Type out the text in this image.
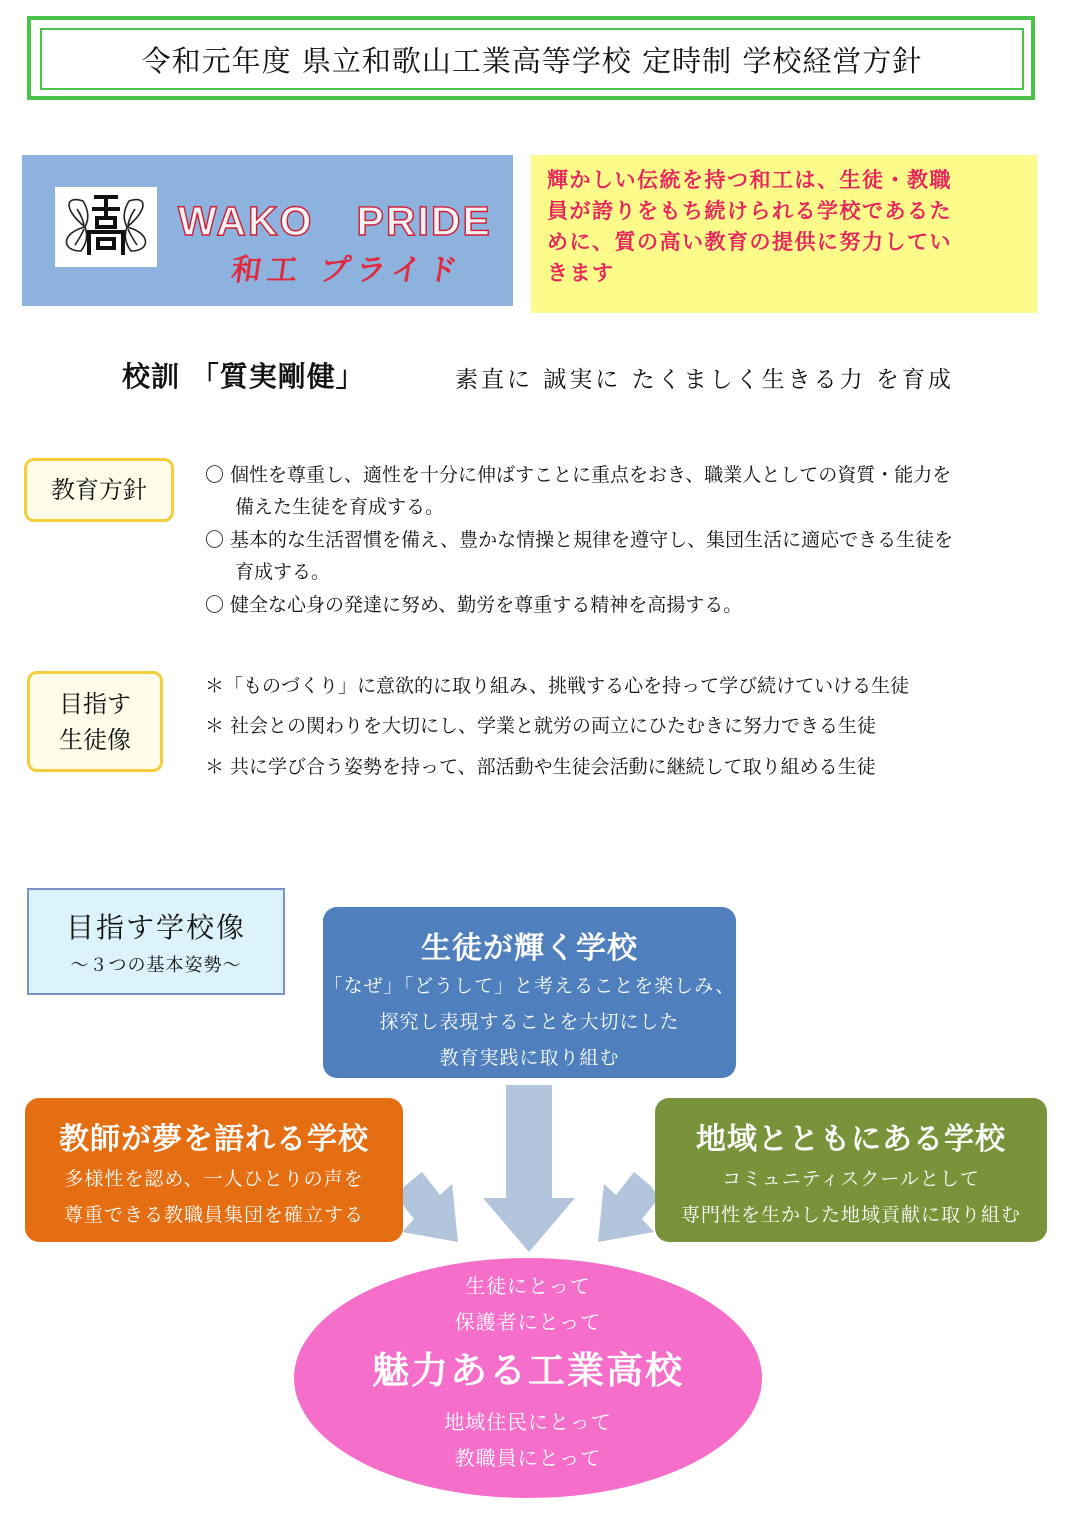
令和元年度 県立和歌山工業高等学校 定時制 学校経営方針
WAKO　PRIDE
和工 プライド
輝かしい伝統を持つ和工は、生徒・教職
員が誇りをもち続けられる学校であるた
めに、質の高い教育の提供に努力してい
きます
校訓 「質実剛健」	素直に 誠実に たくましく生きる力 を育成
教育方針
〇 個性を尊重し、適性を十分に伸ばすことに重点をおき、職業人としての資質・能力を
備えた生徒を育成する。
〇 基本的な生活習慣を備え、豊かな情操と規律を遵守し、集団生活に適応できる生徒を
育成する。
〇 健全な心身の発達に努め、勤労を尊重する精神を高揚する。
目指す
生徒像
＊「ものづくり」に意欲的に取り組み、挑戦する心を持って学び続けていける生徒
＊ 社会との関わりを大切にし、学業と就労の両立にひたむきに努力できる生徒
＊ 共に学び合う姿勢を持って、部活動や生徒会活動に継続して取り組める生徒
目指す学校像
～３つの基本姿勢～	生徒が輝く学校
「なぜ」「どうして」と考えることを楽しみ、
探究し表現することを大切にした
教育実践に取り組む
教師が夢を語れる学校
多様性を認め、一人ひとりの声を
尊重できる教職員集団を確立する
地域とともにある学校
コミュニティスクールとして
専門性を生かした地域貢献に取り組む
生徒にとって
保護者にとって
魅力ある工業高校
地域住民にとって
教職員にとって
